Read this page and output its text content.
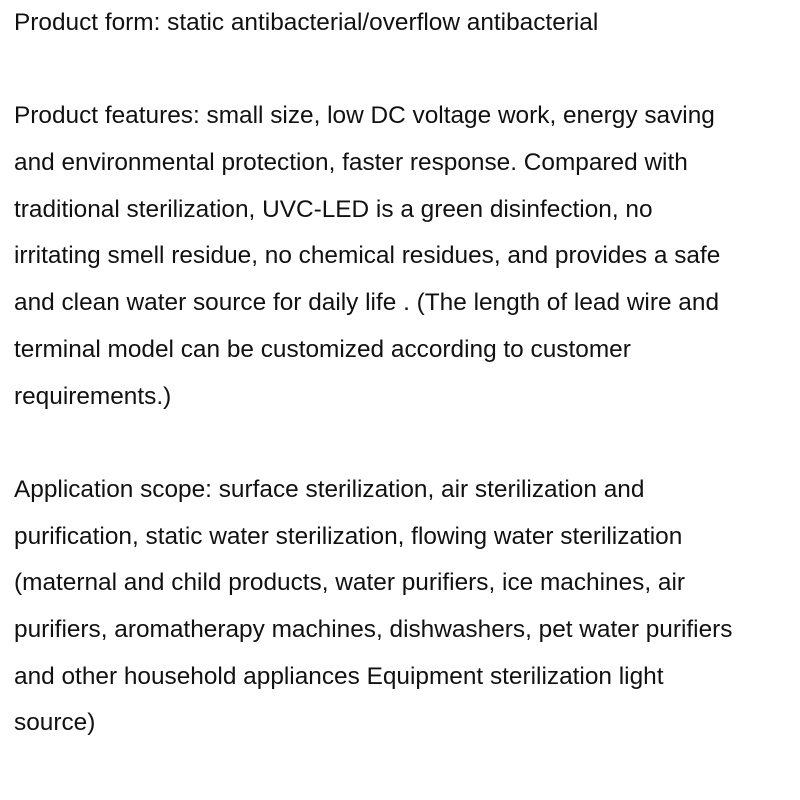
Product form: static antibacterial/overflow antibacterial

Product features: small size, low DC voltage work, energy saving
and environmental protection, faster response. Compared with
traditional sterilization, UVC-LED is a green disinfection, no
irritating smell residue, no chemical residues, and provides a safe
and clean water source for daily life . (The length of lead wire and
terminal model can be customized according to customer
requirements.)

Application scope: surface sterilization, air sterilization and
purification, static water sterilization, flowing water sterilization
(maternal and child products, water purifiers, ice machines, air
purifiers, aromatherapy machines, dishwashers, pet water purifiers
and other household appliances Equipment sterilization light
source)
